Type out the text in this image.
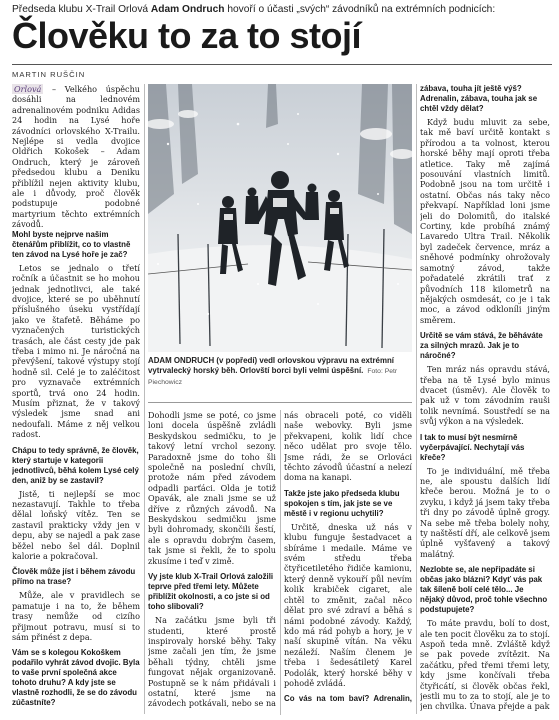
Předseda klubu X-Trail Orlová Adam Ondruch hovoří o účasti „svých“ závodníků na extrémních podnicích:
Člověku to za to stojí
MARTIN RUŠČIN
ADAM ONDRUCH (v popředí) vedl orlovskou výpravu na extrémní vytrvalecký horský běh. Orlovští borci byli velmi úspěšní. Foto: Petr Piechowicz

Orlová – Velkého úspěchu dosáhli na lednovém adrenalinovém podniku Adidas 24 hodin na Lysé hoře závodníci orlovského X-Trailu. Nejlépe si vedla dvojice Oldřich Kokošek – Adam Ondruch, který je zároveň předsedou klubu a Deniku přiblížil nejen aktivity klubu, ale i důvody, proč člověk podstupuje podobné martyrium těchto extrémních závodů.

Mohl byste nejprve našim čtenářům přiblížit, co to vlastně ten závod na Lysé hoře je zač?

Letos se jednalo o třetí ročník a účastnit se ho mohou jednak jednotlivci, ale také dvojice, které se po uběhnutí příslušného úseku vystřídají jako ve štafetě. Běháme po vyznačených turistických trasách, ale část cesty jde pak třeba i mimo ni. Je náročná na převýšení, takové výstupy stojí hodně sil. Celé je to zaléčitost pro vyznavače extrémních sportů, trvá ono 24 hodin. Musím přiznat, že v takový výsledek jsme snad ani nedoufali. Máme z něj velkou radost.

Chápu to tedy správně, že člověk, který startuje v kategorii jednotlivců, běhá kolem Lysé celý den, aniž by se zastavil?

Jistě, ti nejlepší se moc nezastavují. Takhle to třeba dělal loňský vítěz. Ten se zastavil prakticky vždy jen v depu, aby se najedl a pak zase běžel nebo šel dál. Doplnil kalorie a pokračoval.

Člověk může jíst i během závodu přímo na trase?

Může, ale v pravidlech se pamatuje i na to, že během trasy nemůže od cizího přijmout potravu, musí si to sám přinést z depa.

Vám se s kolegou Kokoškem podařilo vyhrát závod dvojic. Byla to vaše první společná akce tohoto druhu? A kdy jste se vlastně rozhodli, že se do závodu zúčastníte?

Dohodli jsme se poté, co jsme loni docela úspěšně zvládli Beskydskou sedmičku, to je takový letní vrchol sezony. Paradoxně jsme do toho šli společně na poslední chvíli, protože nám před závodem odpadli parťáci. Olda je totiž Opavák, ale znali jsme se už dříve z různých závodů. Na Beskydskou sedmičku jsme byli dohromady, skončili šestí, ale s opravdu dobrým časem, tak jsme si řekli, že to spolu zkusíme i teď v zimě.

Vy jste klub X-Trail Orlová založili teprve před třemi lety. Můžete přiblížit okolnosti, a co jste si od toho slibovali?

Na začátku jsme byli tři studenti, které prostě inspirovaly horské běhy. Taky jsme začali jen tím, že jsme běhali týdny, chtěli jsme fungovat nějak organizovaně. Postupně se k nám přidávali i ostatní, které jsme na závodech potkávali, nebo se na

nás obraceli poté, co viděli naše webovky. Byli jsme překvapeni, kolik lidí chce něco udělat pro svoje tělo. Jsme rádi, že se Orlováci těchto závodů účastní a nelezí doma na kanapi.

Takže jste jako předseda klubu spokojen s tím, jak jste se ve městě i v regionu uchytili?

Určitě, dneska už nás v klubu funguje šestadvacet a sbíráme i medaile. Máme ve svém středu třeba čtyřicetiletého řidiče kamionu, který denně vykouří půl nevím kolik krabiček cigaret, ale chtěl to změnit, začal něco dělat pro své zdraví a běhá s námi podobné závody. Každý, kdo má rád pohyb a hory, je v naší skupině vítán. Na věku nezáleží. Naším členem je třeba i šedesátiletý Karel Podolák, který horské běhy v pohodě zvládá.

Co vás na tom baví? Adrenalin,

zábava, touha jít ještě výš? Adrenalin, zábava, touha jak se chtěl vždy dělat?

Když budu mluvit za sebe, tak mě baví určitě kontakt s přírodou a ta volnost, kterou horské běhy mají oproti třeba atletice. Taky mě zajímá posouvání vlastních limitů. Podobně jsou na tom určitě i ostatní. Občas nás taky něco překvapí. Například loni jsme jeli do Dolomitů, do italské Cortiny, kde probíhá známý Lavaredo Ultra Trail. Několik byl zadeček července, mráz a sněhové podmínky ohrožovaly samotný závod, takže pořadatelé zkrátili trať z původních 118 kilometrů na nějakých osmdesát, co je i tak moc, a závod odkloníli jiným směrem.

Určitě se vám stává, že běháváte za silných mrazů. Jak je to náročné?

Ten mráz nás opravdu stává, třeba na tě Lysé bylo minus dvacet (úsměv). Ale člověk to pak už v tom závodním rauši tolik nevnímá. Soustředí se na svůj výkon a na výsledek.

I tak to musí být nesmírně vyčerpávající. Nechytají vás křeče?

To je individuální, mě třeba ne, ale spoustu dalších lidí křeče berou. Možná je to o zvyku, i když já jsem taky třeba tři dny po závodě úplně grogy. Na sebe mě třeba bolely nohy, ty naštěstí dří, ale celkově jsem úplně vyšťavený a takový malátný.

Nezlobte se, ale nepřipadáte si občas jako blázni? Kdyť vás pak tak šíleně bolí celé tělo... Je nějaký důvod, proč tohle všechno podstupujete?

To máte pravdu, bolí to dost, ale ten pocit člověku za to stojí. Aspoň teda mně. Zvláště když se pak povede zvítězit. Na začátku, před třemi třemi lety, kdy jsme končívali třeba čtyřicátí, si člověk občas řekl, jestli mu to za to stojí, ale je to jen chvilka. Únava přejde a pak
